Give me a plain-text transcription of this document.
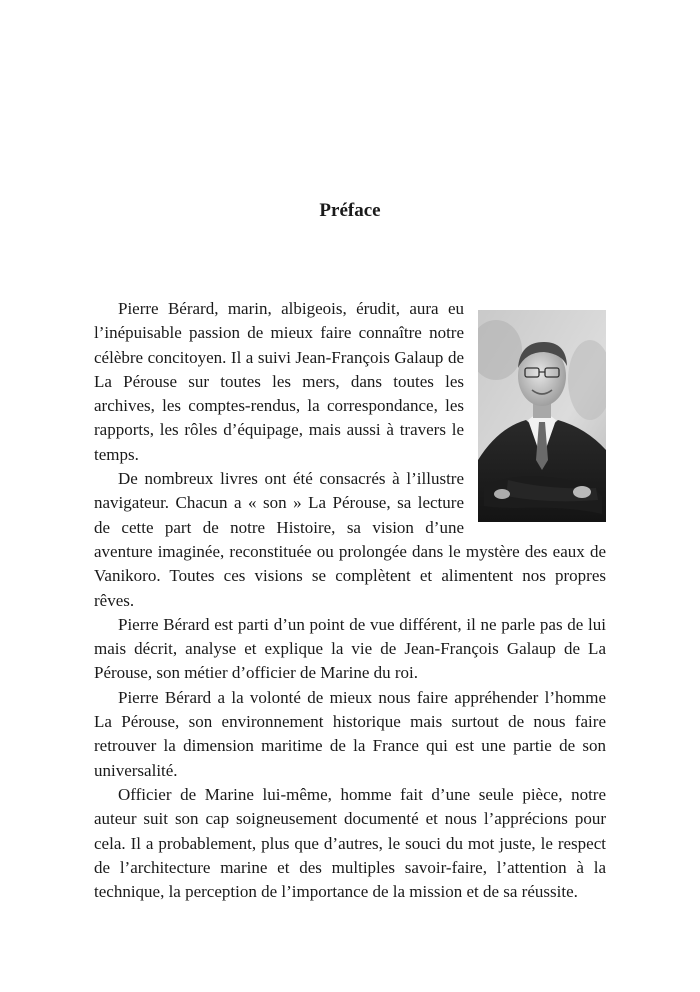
Préface

Pierre Bérard, marin, albigeois, érudit, aura eu l’inépuisable passion de mieux faire connaître notre célèbre concitoyen. Il a suivi Jean-François Galaup de La Pérouse sur toutes les mers, dans toutes les archives, les comptes-rendus, la correspondance, les rapports, les rôles d’équipage, mais aussi à travers le temps.

De nombreux livres ont été consacrés à l’illustre navigateur. Chacun a « son » La Pérouse, sa lecture de cette part de notre Histoire, sa vision d’une aventure imaginée, reconstituée ou prolongée dans le mystère des eaux de Vanikoro. Toutes ces visions se complètent et alimentent nos propres rêves.

Pierre Bérard est parti d’un point de vue différent, il ne parle pas de lui mais décrit, analyse et explique la vie de Jean-François Galaup de La Pérouse, son métier d’officier de Marine du roi.

Pierre Bérard a la volonté de mieux nous faire appréhender l’homme La Pérouse, son environnement historique mais surtout de nous faire retrouver la dimension maritime de la France qui est une partie de son universalité.

Officier de Marine lui-même, homme fait d’une seule pièce, notre auteur suit son cap soigneusement documenté et nous l’apprécions pour cela. Il a probablement, plus que d’autres, le souci du mot juste, le respect de l’architecture marine et des multiples savoir-faire, l’attention à la technique, la perception de l’importance de la mission et de sa réussite.
